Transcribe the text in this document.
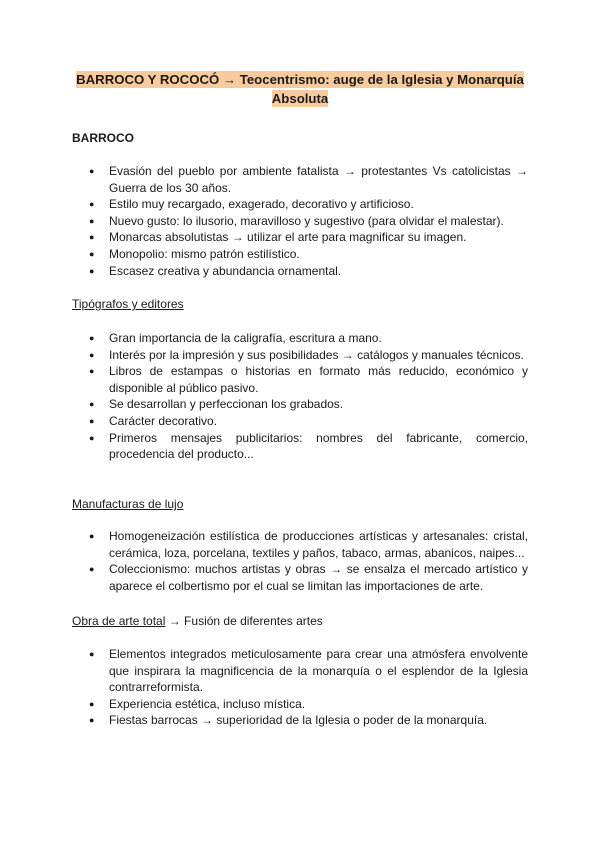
BARROCO Y ROCOCÓ → Teocentrismo: auge de la Iglesia y Monarquía
Absoluta
BARROCO
● Evasión del pueblo por ambiente fatalista → protestantes Vs catolicistas → Guerra de los 30 años.
● Estilo muy recargado, exagerado, decorativo y artificioso.
● Nuevo gusto: lo ilusorio, maravilloso y sugestivo (para olvidar el malestar).
● Monarcas absolutistas → utilizar el arte para magnificar su imagen.
● Monopolio: mismo patrón estilístico.
● Escasez creativa y abundancia ornamental.
Tipógrafos y editores
● Gran importancia de la caligrafía, escritura a mano.
● Interés por la impresión y sus posibilidades → catálogos y manuales técnicos.
● Libros de estampas o historias en formato más reducido, económico y disponible al público pasivo.
● Se desarrollan y perfeccionan los grabados.
● Carácter decorativo.
● Primeros mensajes publicitarios: nombres del fabricante, comercio, procedencia del producto...
Manufacturas de lujo
● Homogeneización estilística de producciones artísticas y artesanales: cristal, cerámica, loza, porcelana, textiles y paños, tabaco, armas, abanicos, naipes...
● Coleccionismo: muchos artistas y obras → se ensalza el mercado artístico y aparece el colbertismo por el cual se limitan las importaciones de arte.
Obra de arte total → Fusión de diferentes artes
● Elementos integrados meticulosamente para crear una atmósfera envolvente que inspirara la magnificencia de la monarquía o el esplendor de la Iglesia contrarreformista.
● Experiencia estética, incluso mística.
● Fiestas barrocas → superioridad de la Iglesia o poder de la monarquía.
